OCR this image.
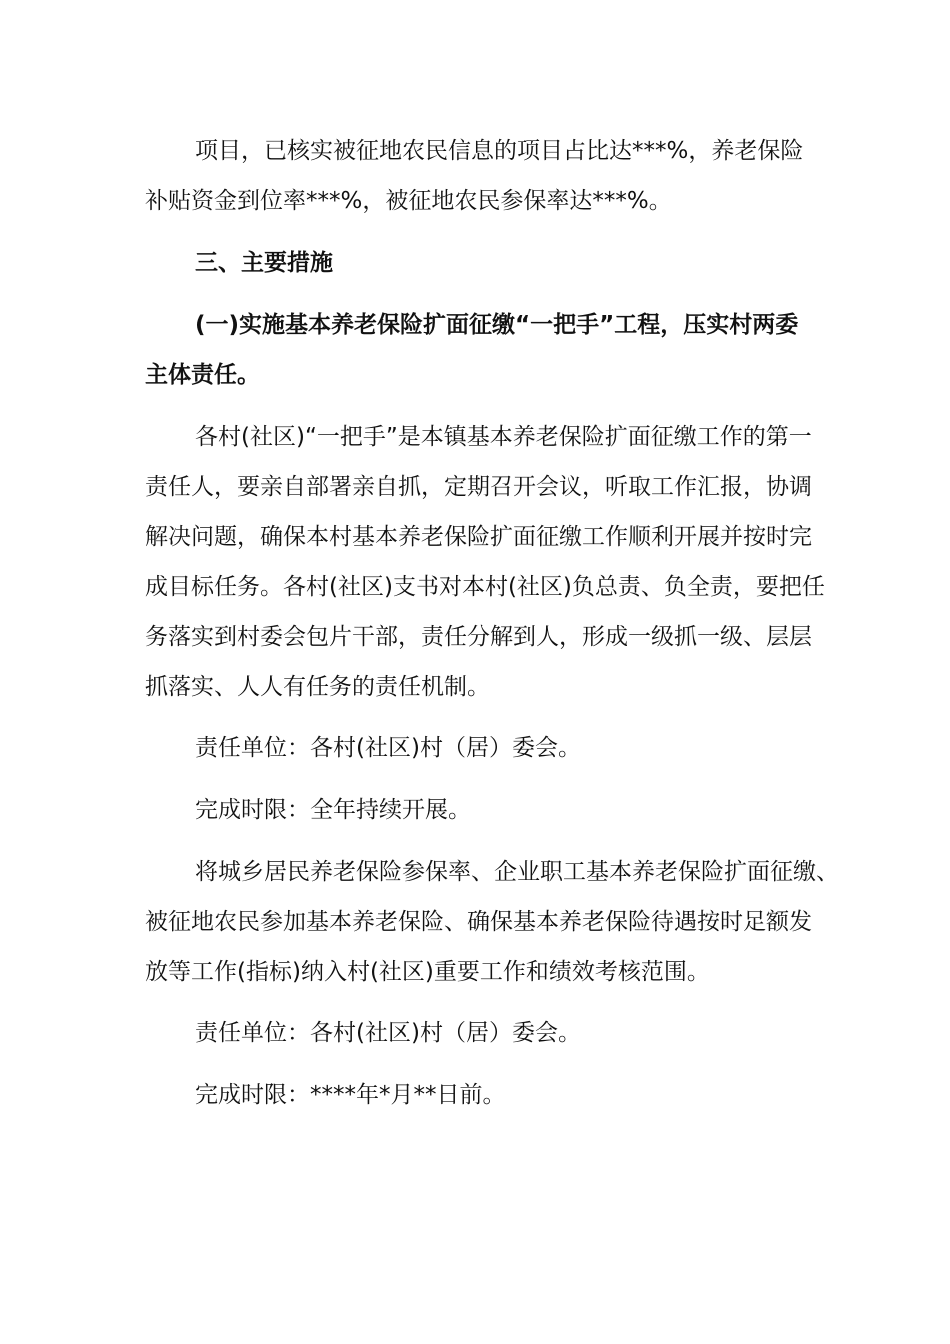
项目，已核实被征地农民信息的项目占比达***%，养老保险

补贴资金到位率***%，被征地农民参保率达***%。

三、主要措施

(一)实施基本养老保险扩面征缴“一把手”工程，压实村两委

主体责任。

各村(社区)“一把手”是本镇基本养老保险扩面征缴工作的第一

责任人，要亲自部署亲自抓，定期召开会议，听取工作汇报，协调

解决问题，确保本村基本养老保险扩面征缴工作顺利开展并按时完

成目标任务。各村(社区)支书对本村(社区)负总责、负全责，要把任

务落实到村委会包片干部，责任分解到人，形成一级抓一级、层层

抓落实、人人有任务的责任机制。

责任单位：各村(社区)村（居）委会。

完成时限：全年持续开展。

将城乡居民养老保险参保率、企业职工基本养老保险扩面征缴、

被征地农民参加基本养老保险、确保基本养老保险待遇按时足额发

放等工作(指标)纳入村(社区)重要工作和绩效考核范围。

责任单位：各村(社区)村（居）委会。

完成时限：****年*月**日前。
